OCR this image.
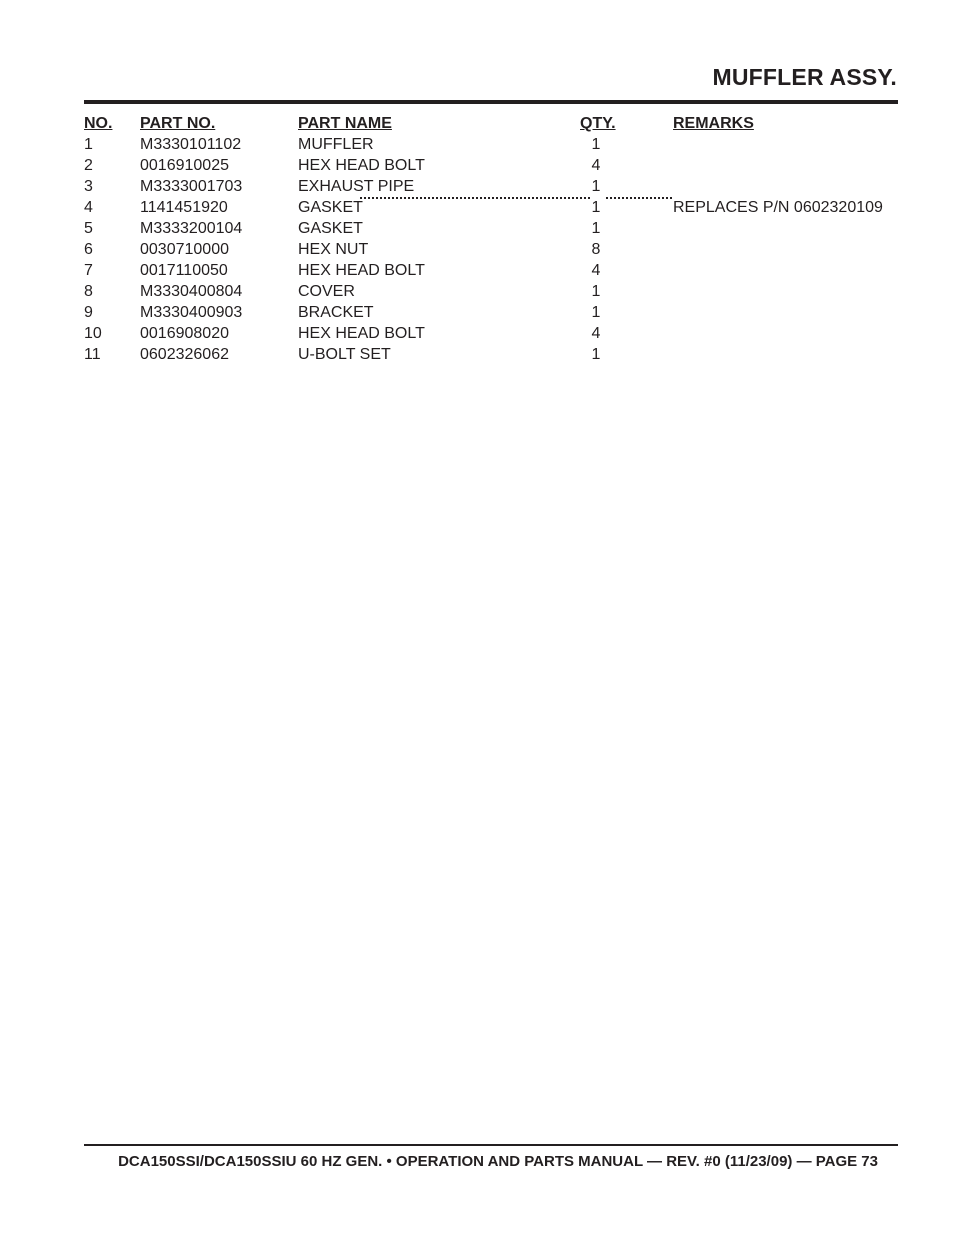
MUFFLER ASSY.
NO. PART NO.	PART NAME	QTY.	REMARKS
1	M3330101102	MUFFLER	1
2	0016910025	HEX HEAD BOLT	4
3	M3333001703	EXHAUST PIPE	1
4	1141451920	GASKET	1	REPLACES P/N 0602320109
5	M3333200104	GASKET	1
6	0030710000	HEX NUT	8
7	0017110050	HEX HEAD BOLT	4
8	M3330400804	COVER	1
9	M3330400903	BRACKET	1
10 0016908020	HEX HEAD BOLT	4
11 0602326062	U-BOLT SET	1
DCA150SSI/DCA150SSIU 60 HZ GEN. • OPERATION AND PARTS MANUAL — REV. #0 (11/23/09) — PAGE 73
